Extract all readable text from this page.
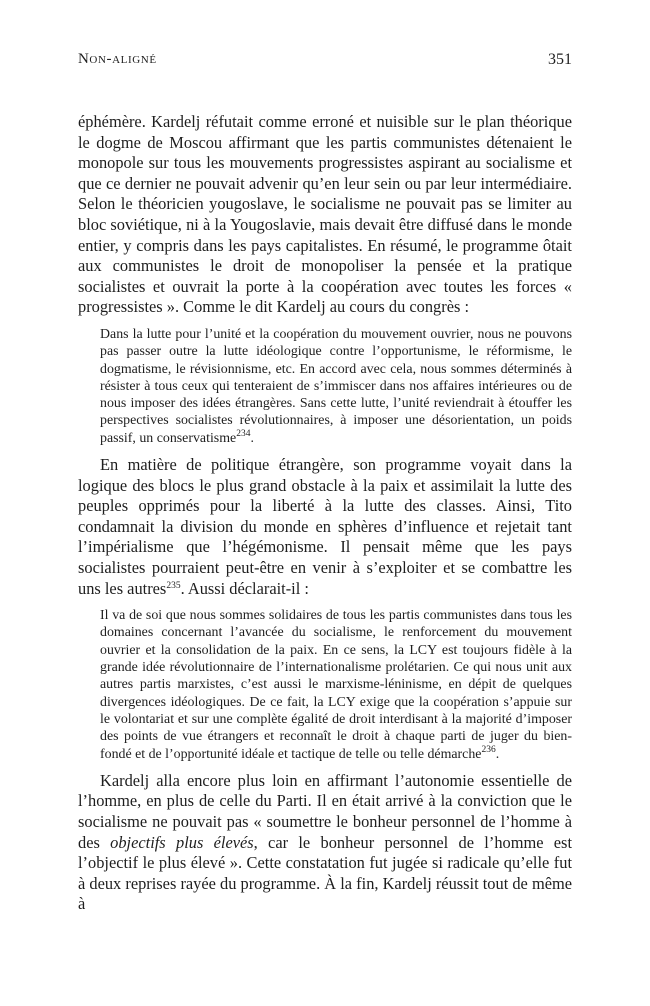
Non-aligné	351

éphémère. Kardelj réfutait comme erroné et nuisible sur le plan théorique le dogme de Moscou affirmant que les partis communistes détenaient le monopole sur tous les mouvements progressistes aspirant au socialisme et que ce dernier ne pouvait advenir qu’en leur sein ou par leur intermédiaire. Selon le théoricien yougoslave, le socialisme ne pouvait pas se limiter au bloc soviétique, ni à la Yougoslavie, mais devait être diffusé dans le monde entier, y compris dans les pays capitalistes. En résumé, le programme ôtait aux communistes le droit de monopoliser la pensée et la pratique socialistes et ouvrait la porte à la coopération avec toutes les forces « progressistes ». Comme le dit Kardelj au cours du congrès :

Dans la lutte pour l’unité et la coopération du mouvement ouvrier, nous ne pouvons pas passer outre la lutte idéologique contre l’opportunisme, le réformisme, le dogmatisme, le révisionnisme, etc. En accord avec cela, nous sommes déterminés à résister à tous ceux qui tenteraient de s’immiscer dans nos affaires intérieures ou de nous imposer des idées étrangères. Sans cette lutte, l’unité reviendrait à étouffer les perspectives socialistes révolutionnaires, à imposer une désorientation, un poids passif, un conservatisme$^{234}$.

En matière de politique étrangère, son programme voyait dans la logique des blocs le plus grand obstacle à la paix et assimilait la lutte des peuples opprimés pour la liberté à la lutte des classes. Ainsi, Tito condamnait la division du monde en sphères d’influence et rejetait tant l’impérialisme que l’hégémonisme. Il pensait même que les pays socialistes pourraient peut-être en venir à s’exploiter et se combattre les uns les autres$^{235}$. Aussi déclarait-il :

Il va de soi que nous sommes solidaires de tous les partis communistes dans tous les domaines concernant l’avancée du socialisme, le renforcement du mouvement ouvrier et la consolidation de la paix. En ce sens, la LCY est toujours fidèle à la grande idée révolutionnaire de l’internationalisme prolétarien. Ce qui nous unit aux autres partis marxistes, c’est aussi le marxisme-léninisme, en dépit de quelques divergences idéologiques. De ce fait, la LCY exige que la coopération s’appuie sur le volontariat et sur une complète égalité de droit interdisant à la majorité d’imposer des points de vue étrangers et reconnaît le droit à chaque parti de juger du bien-fondé et de l’opportunité idéale et tactique de telle ou telle démarche$^{236}$.

Kardelj alla encore plus loin en affirmant l’autonomie essentielle de l’homme, en plus de celle du Parti. Il en était arrivé à la conviction que le socialisme ne pouvait pas « soumettre le bonheur personnel de l’homme à des objectifs plus élevés, car le bonheur personnel de l’homme est l’objectif le plus élevé ». Cette constatation fut jugée si radicale qu’elle fut à deux reprises rayée du programme. À la fin, Kardelj réussit tout de même à
